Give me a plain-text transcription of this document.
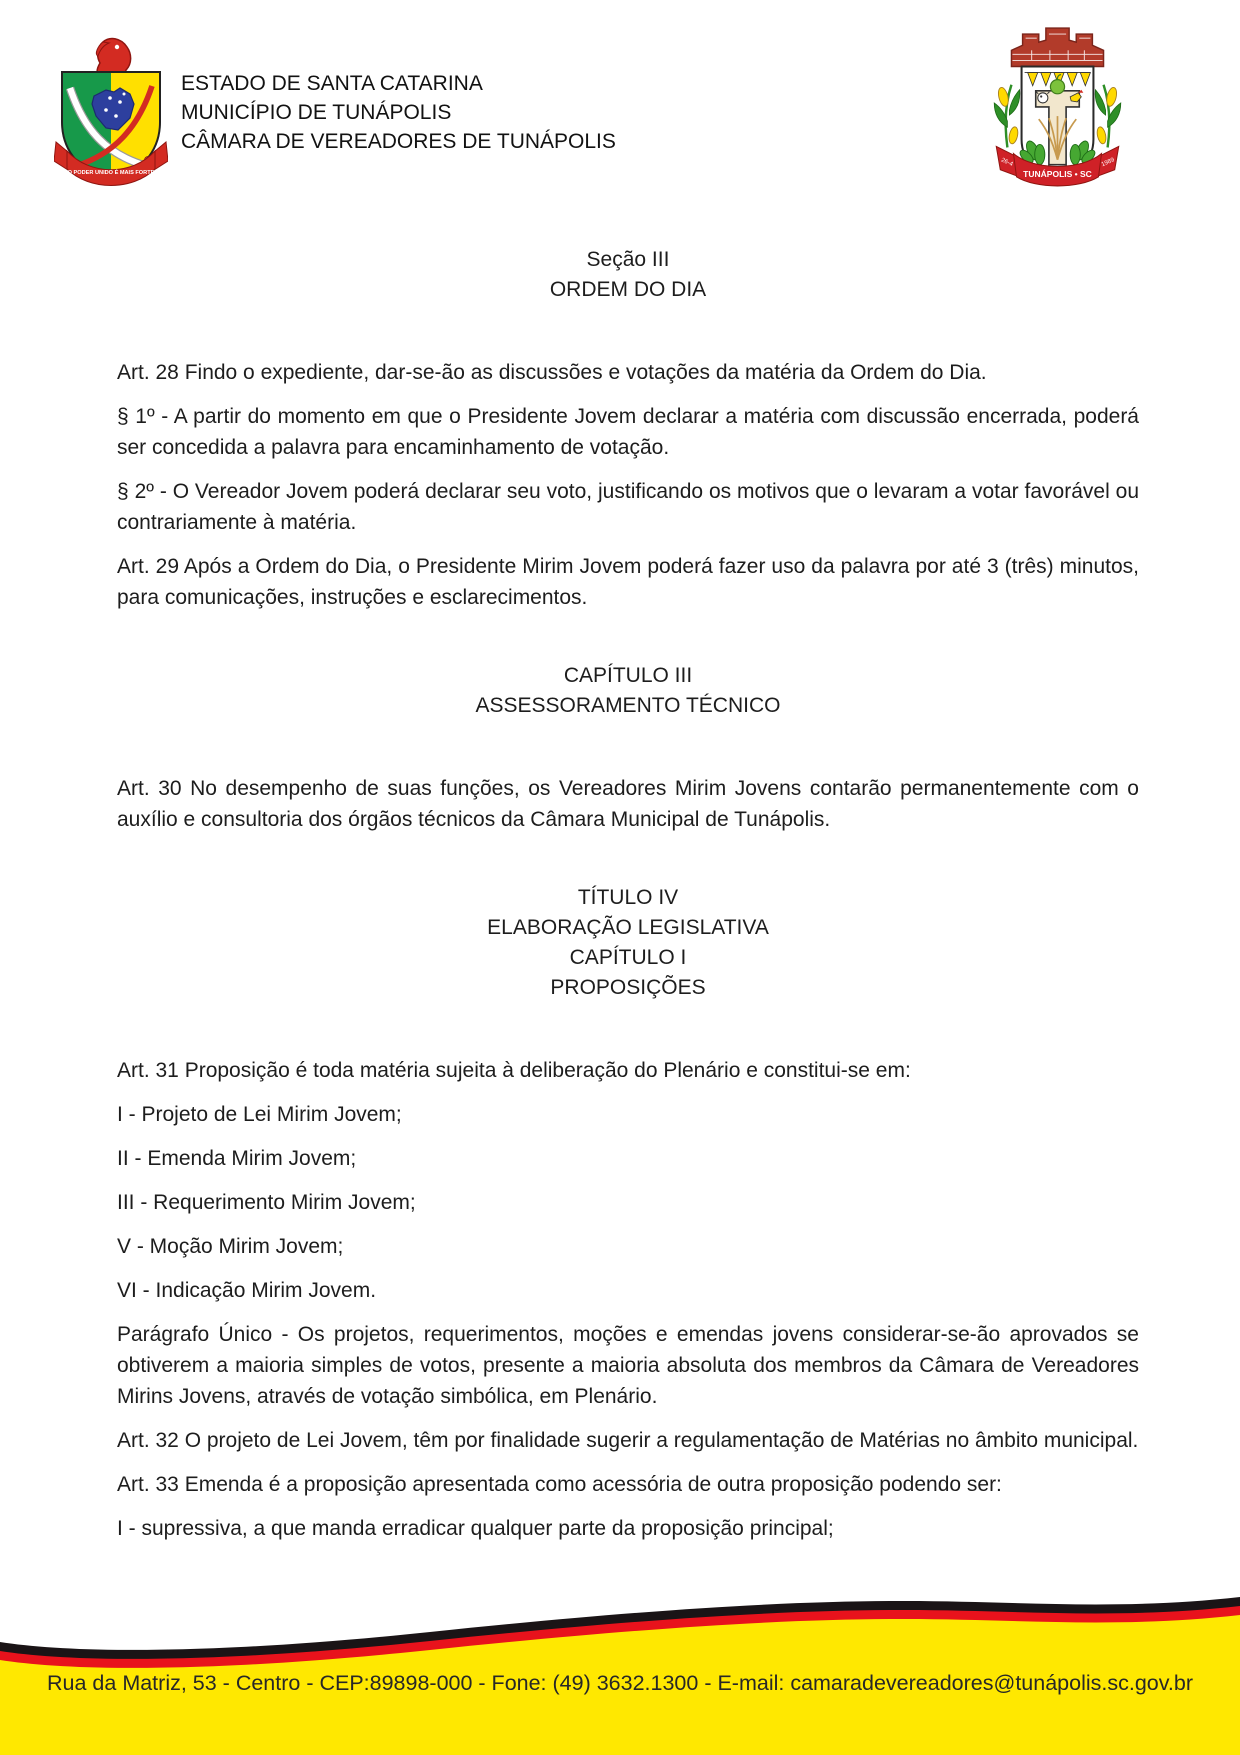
O PODER UNIDO É MAIS FORTE
ESTADO DE SANTA CATARINA
MUNICÍPIO DE TUNÁPOLIS
CÂMARA DE VEREADORES DE TUNÁPOLIS
26-4	1989
TUNÁPOLIS • SC
Seção III
ORDEM DO DIA

Art. 28 Findo o expediente, dar-se-ão as discussões e votações da matéria da Ordem do Dia.

§ 1º - A partir do momento em que o Presidente Jovem declarar a matéria com discussão encerrada, poderá ser concedida a palavra para encaminhamento de votação.

§ 2º - O Vereador Jovem poderá declarar seu voto, justificando os motivos que o levaram a votar favorável ou contrariamente à matéria.

Art. 29 Após a Ordem do Dia, o Presidente Mirim Jovem poderá fazer uso da palavra por até 3 (três) minutos, para comunicações, instruções e esclarecimentos.

CAPÍTULO III
ASSESSORAMENTO TÉCNICO

Art. 30 No desempenho de suas funções, os Vereadores Mirim Jovens contarão permanentemente com o auxílio e consultoria dos órgãos técnicos da Câmara Municipal de Tunápolis.

TÍTULO IV
ELABORAÇÃO LEGISLATIVA
CAPÍTULO I
PROPOSIÇÕES

Art. 31 Proposição é toda matéria sujeita à deliberação do Plenário e constitui-se em:

I - Projeto de Lei Mirim Jovem;

II - Emenda Mirim Jovem;

III - Requerimento Mirim Jovem;

V - Moção Mirim Jovem;

VI - Indicação Mirim Jovem.

Parágrafo Único - Os projetos, requerimentos, moções e emendas jovens considerar-se-ão aprovados se obtiverem a maioria simples de votos, presente a maioria absoluta dos membros da Câmara de Vereadores Mirins Jovens, através de votação simbólica, em Plenário.

Art. 32 O projeto de Lei Jovem, têm por finalidade sugerir a regulamentação de Matérias no âmbito municipal.

Art. 33 Emenda é a proposição apresentada como acessória de outra proposição podendo ser:

I - supressiva, a que manda erradicar qualquer parte da proposição principal;

Rua da Matriz, 53 - Centro - CEP:89898-000 - Fone: (49) 3632.1300 - E-mail: camaradevereadores@tunápolis.sc.gov.br
